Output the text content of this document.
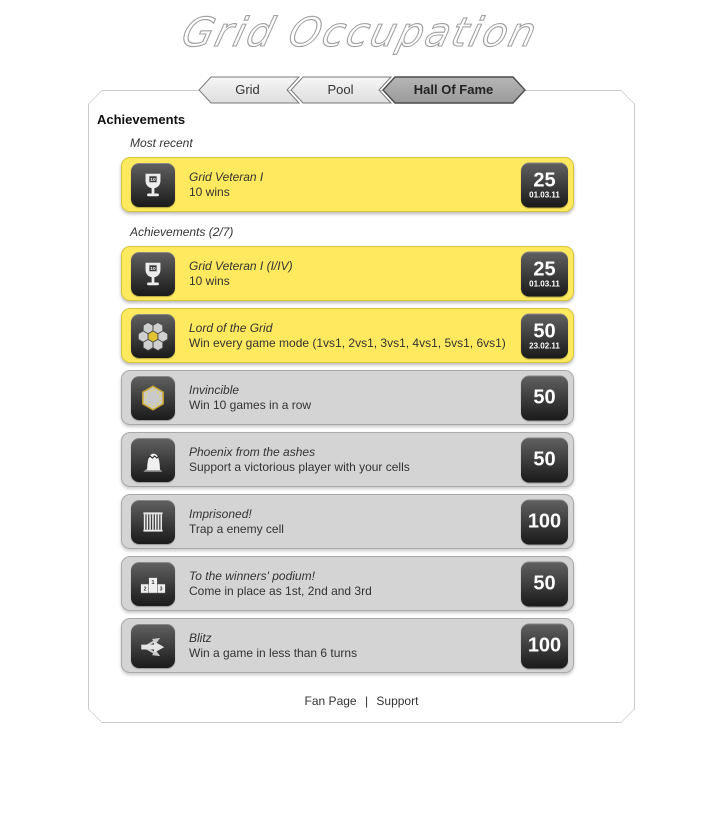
Grid Occupation
Grid	Pool	Hall Of Fame
Achievements
Most recent
10	Grid Veteran I
10 wins
25
01.03.11
Achievements (2/7)
10	Grid Veteran I (I/IV)
10 wins
25
01.03.11
Lord of the Grid
Win every game mode (1vs1, 2vs1, 3vs1, 4vs1, 5vs1, 6vs1)
50
23.02.11
Invincible
Win 10 games in a row	50
Phoenix from the ashes
Support a victorious player with your cells	50
Imprisoned!
Trap a enemy cell	100
1
2	3
To the winners' podium!
Come in place as 1st, 2nd and 3rd	50
Blitz
Win a game in less than 6 turns	100
Fan Page | Support
